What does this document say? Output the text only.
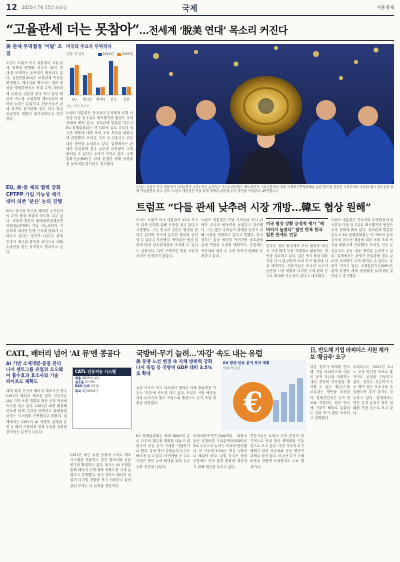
12 2025년 7월 15일 화요일	국제	서울경제
“고율관세 더는 못참아”…전세계 ‘脫美 연대’ 목소리 커진다
美 관세 무역협정 '이탈' 조짐
도널드 트럼프 미국 대통령의 고율 관세 정책에 반발해 각국이 '탈미 연대'를 모색하는 움직임이 확산되고 있다. 유럽연합(EU)은 보복관세 목록을 확정했고, 캐나다와 멕시코는 대미 협상을 병행하면서도 역내 무역 다변화에 나섰다. 일본과 한국 역시 통상 협상의 속도를 조절하며 제3국과의 협력을 늘리는 분위기다. 전문가들은 관세 충격이 장기화할 경우 미국 중심 공급망의 재편이 불가피하다고 진단한다.
EU, 美·중 제외 협력 강화 CPTPP 가입 가능성 제기 대미 의존 '분산' 논의 진행
EU는 중국과 미국을 제외한 국가들과의 무역 협정 체결에 속도를 내고 있다. 포괄적·점진적 환태평양경제동반자협정(CPTPP) 가입 가능성까지 거론되며 대서양 동맹 구조에 변화가 나타나고 있다는 평가가 나온다. 관세 부과가 예고된 품목을 중심으로 대체 수출선을 찾는 움직임도 빨라지고 있다.
미국의 주요국 무역적자
단위: 억 달러	2024년	2025년
EU 멕시코 캐나다 중국 일본
자료: 미국 상무부
트럼프 대통령은 각국과의 무역협정 타결 시한을 다음 달 1일로 제시했지만 협상은 교착 상태에 빠져 있다. 상호관세 발효를 앞두고 EU 집행위원회는 약 720억 유로 규모의 미국산 제품에 대한 보복 조치 목록을 회원국에 전달했다. 브라질, 인도 등 신흥국도 공동 대응 방안을 논의하고 있다. 업계에서는 관세가 현실화할 경우 글로벌 교역량이 크게 줄어들 수 있다는 우려가 커지고 있다. 국제통화기금(IMF)은 관세 분쟁이 세계 성장률을 끌어내릴 것이라고 경고했다.
도널드 트럼프 미국 대통령이 13일(현지 시간) 미국 뉴저지주 이스트러더퍼드 메트라이프 스타디움에서 열린 국제축구연맹(FIFA) 클럽 월드컵 결승전 시상식에서 우승팀 첼시 선수들과 함께 기념촬영을 하고 있다. 트럼프 대통령은 이날 관세 정책과 관련해 추가 발언을 이어갔다. AP연합뉴스
트럼프 “다들 관세 낮추려 시장 개방…韓도 협상 원해”
도널드 트럼프 미국 대통령은 13일 각국이 관세 인하를 위해 시장을 열고 있다고 주장했다. 그는 한국과 일본도 협상을 원하고 있다며 자국에 유리한 합의를 끌어낼 수 있다고 자신했다. 백악관은 협상 결과에 따라 상호관세율을 조정할 수 있다는 입장이다. 다만 구체적인 협상 시한과 조건은 공개하지 않았다.
트럼프 대통령은 이날 기자들과 만나 관세가 미국의 협상력을 높였다고 강조했다. 그는 많은 나라들이 관세를 낮추기 위해 시장을 개방하고 있다고 말했다. 한국 정부는 통상 협의를 이어가며 상호관세 유예 연장을 요청할 계획이다. 산업계는 자동차와 철강 등 주력 품목의 피해를 우려하고 있다.
미국 협상 상황 긍정적 평가 "레버리지 높였다" 발언 반복 한국 일본 관세도 언급
한국은 대미 협상에서 조선 협력과 에너지 구매 확대 등을 지렛대로 활용하는 방안을 검토하고 있다. 일본 역시 협상 대표단을 다시 워싱턴에 보내 추가 협의에 나설 예정이다. 전문가들은 미국의 요구가 농산물 시장 개방과 디지털 규제 완화 등으로 확대될 가능성이 있다고 내다봤다.
트럼프 대통령은 각국과의 무역협정 타결 시한을 다음 달 1일로 제시했지만 협상은 교착 상태에 빠져 있다. 상호관세 발효를 앞두고 EU 집행위원회는 약 720억 유로 규모의 미국산 제품에 대한 보복 조치 목록을 회원국에 전달했다. 브라질, 인도 등 신흥국도 공동 대응 방안을 논의하고 있다. 업계에서는 관세가 현실화할 경우 글로벌 교역량이 크게 줄어들 수 있다는 우려가 커지고 있다. 국제통화기금(IMF)은 관세 분쟁이 세계 성장률을 끌어내릴 것이라고 경고했다.
CATL, 배터리 넘어 'AI 뮤'엔 콩공다
AI 기반 소재개발·품질 관리 나서 센트그룹 유럽과 오오웨어 흡수효과 효소사와 기술 파이프도 제확도
CATL 인공지능 시스템
매출 3620억 위안
점유율 37.9%
R&D 인력 2만명
특허 4만3000건
세계 최대 전기차 배터리 제조사인 중국 CATL이 배터리 제조를 넘어 인공지능(AI) 기반 소재 개발과 생산 공정 혁신에 속도를 내고 있다. CATL은 AI를 활용해 신소재 탐색 기간을 단축하고 불량률을 낮추는 시스템을 구축했다고 밝혔다. 업계에서는 CATL이 AI 역량을 앞세워 유럽 등 해외 시장에서 경쟁 우위를 강화할 것이라는 분석이 나온다.
CATL은 최근 유럽 공장에 스마트 제조 시스템을 적용하고 현지 협력사와 공동 연구를 확대하고 있다. 회사는 AI 모델을 통해 배터리 수명 예측 정확도를 크게 높였다고 설명했다. 중국 정부도 배터리 산업의 디지털 전환을 적극 지원하고 있어 관련 투자는 더 늘어날 전망이다.
국방비·무기 늘려…'자강' 속도 내는 유럽
美 동맹 노선 변경 속 자체 방위력 강화 나서 독일 등 국방비 GDP 대비 3.5%로 확대
유럽 각국이 미국 의존에서 벗어나 자체 방위력을 키우는 '자강'에 속도를 내고 있다. 독일은 국방 예산을 대폭 늘리기로 했고 프랑스와 폴란드도 무기 조달 계획을 앞당겼다.
EU 방위·안보 분야 투자 계획
단위: 억 유로
€
EU 집행위원회는 최대 8000억 유로 규모의 재무장 계획을 내놓고 회원국의 공동 무기 구매를 지원하기로 했다. 유럽 방산 업체들의 수주도 빠르게 늘고 있다. 라인메탈 등 주요 기업은 생산 능력 확대를 위한 신규 공장 건설에 나섰다.
북대서양조약기구(NATO) 회원국들은 국방비를 국내총생산(GDP)의 5% 수준으로 늘리는 목표에 합의했다. 이 가운데 3.5%는 핵심 국방비로 채워야 한다. 유럽 각국은 재정 부담에도 안보 환경 변화에 대응하기 위해 예산을 늘리고 있다.
전문가들은 유럽의 군비 증강이 장기적으로 역내 방산 생태계를 키울 것으로 보고 있다. 다만 각국의 무기 체계가 달라 표준화와 공동 생산이 과제로 남아 있다. 미국산 무기 구매 비중을 어떻게 조정할지도 주요 쟁점이다.
日, 반도체 기업 라피더스 지원 재가 보 '황금주' 요구
일본 정부가 차세대 반도체 기업 라피더스에 대규모 공적 자금을 지원하는 대신 경영에 거부권을 행사할 수 있는 '황금주'를 보유하는 방안을 추진한다. 경제산업성은 국가 안보와 직결되는 첨단 반도체 기술이 해외로 유출되는 것을 막기 위한 조치라고 설명했다.
라피더스는 2027년 2나노 공정 양산을 목표로 홋카이도 공장을 가동하고 있다. 정부는 지금까지 1조 엔이 넘는 보조금을 투입했으며 추가 출자도 검토하고 있다. 업계에서는 민간 투자 유치가 향후 성패를 가를 것으로 보고 있다.
